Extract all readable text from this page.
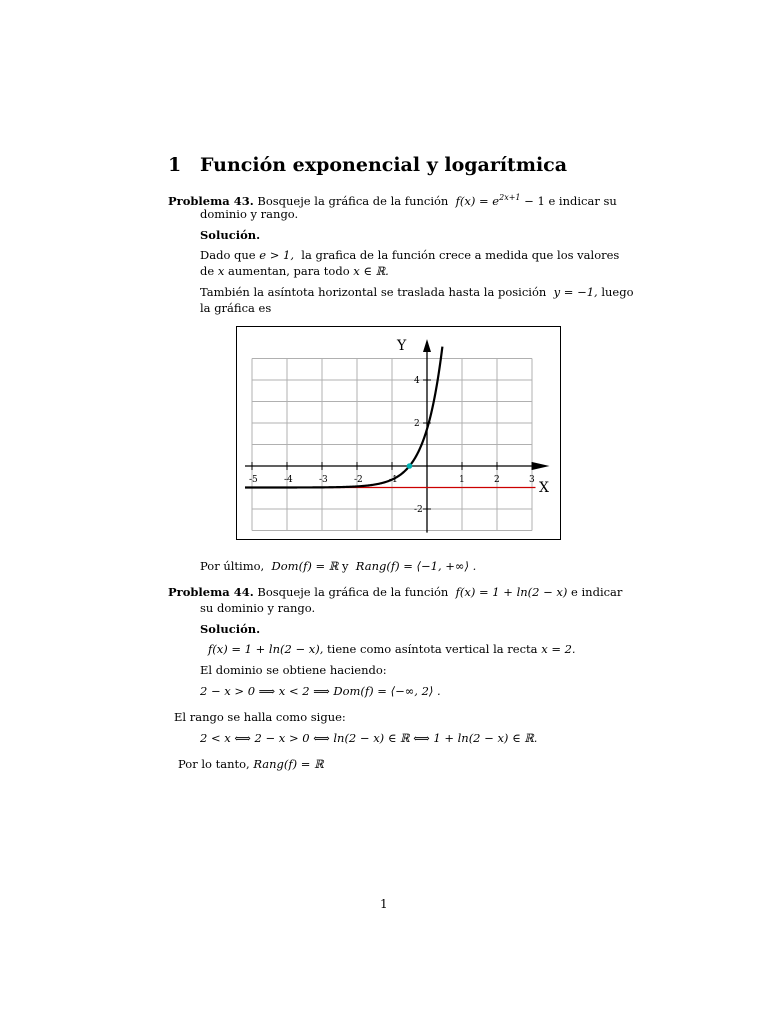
1 Función exponencial y logarítmica
Problema 43. Bosqueje la gráfica de la función $f(x) = e^{2x+1} - 1$ e indicar su
dominio y rango.
Solución.
Dado que e > 1, la grafica de la función crece a medida que los valores
de x aumentan, para todo x ∈ ℝ.
También la asíntota horizontal se traslada hasta la posición y = −1, luego
la gráfica es
-5	-4	-3	-2	-1	1	2	3
4
2
-2
Y
X
Por último, Dom(f) = ℝ y Rang(f) = ⟨−1, +∞⟩ .
Problema 44. Bosqueje la gráfica de la función f(x) = 1 + ln(2 − x) e indicar
su dominio y rango.
Solución.
f(x) = 1 + ln(2 − x), tiene como asíntota vertical la recta x = 2.
El dominio se obtiene haciendo:
2 − x > 0 ⟹ x < 2 ⟹ Dom(f) = ⟨−∞, 2⟩ .
El rango se halla como sigue:
2 < x ⟺ 2 − x > 0 ⟺ ln(2 − x) ∈ ℝ ⟺ 1 + ln(2 − x) ∈ ℝ.
Por lo tanto, Rang(f) = ℝ
1
